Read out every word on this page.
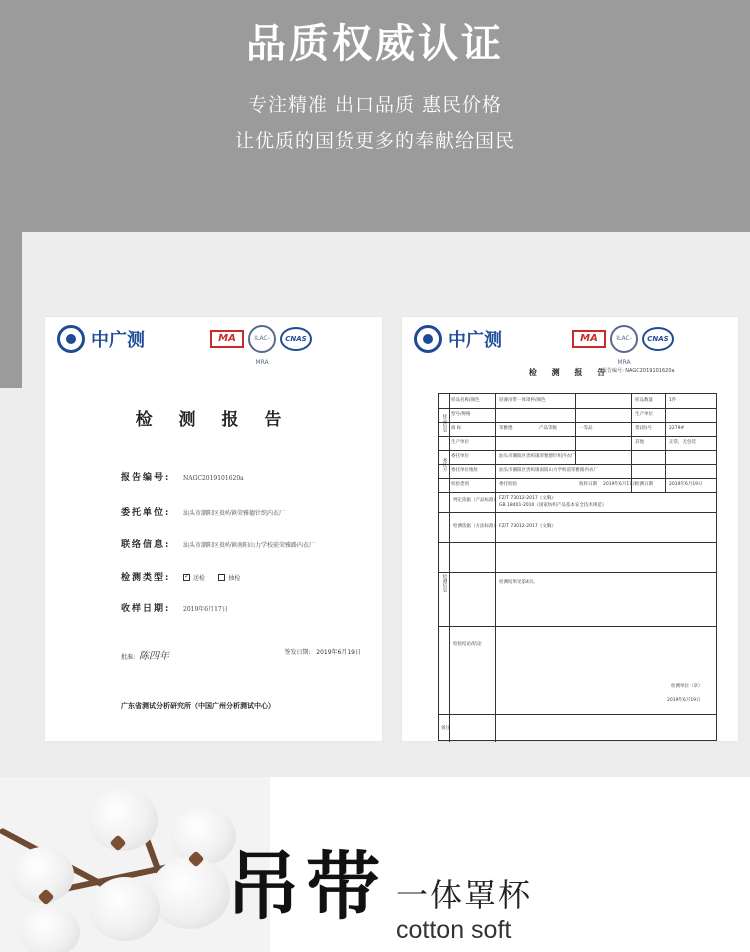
品质权威认证
专注精准 出口品质 惠民价格
让优质的国货更多的奉献给国民
中广测	MA	ILAC-MRA
CNAS
检 测 报 告
报告编号:	NAGC2019101620a
委托单位:	汕头市潮阳区贵屿镇荣雅德针织内衣厂
联络信息:	汕头市潮阳区贵屿镇南阳山力学校前荣雅路内衣厂
检测类型:
✓	送检	抽检
收样日期:	2019年6月17日
批准: 陈四年	签发日期: 2019年6月19日
广东省测试分析研究所（中国广州分析测试中心）
中广测	MA	ILAC-MRA
CNAS
检 测 报 告
报告编号: NAGC2019101620a
样品名称/颜色	轻薄吊带一体罩杯/颜色	样品数量	1件
型号/规格	生产单位
商 标	荣雅德	产品等级	一等品	货(款)号	2279#
生产单位	其他	正常，无包装
委托单位	汕头市潮阳区贵屿镇荣雅德针织内衣厂
委托单位地址	汕头市潮阳区贵屿镇南阳山力学校前荣雅路内衣厂
检验类别	委托检验	收样日期 2019年6月17日
检测日期	2019年6月19日
判定依据（产品标准） FZ/T 73012-2017《文胸》
GB 18401-2010《国家纺织产品基本安全技术规范》
检测依据（方法标准） FZ/T 73012-2017《文胸》
检测结果见第4页。
检验结论/结论
检测单位（章）
2019年6月19日
备注
样品信息
委托方
检测信息
吊带 一体罩杯
cotton soft
